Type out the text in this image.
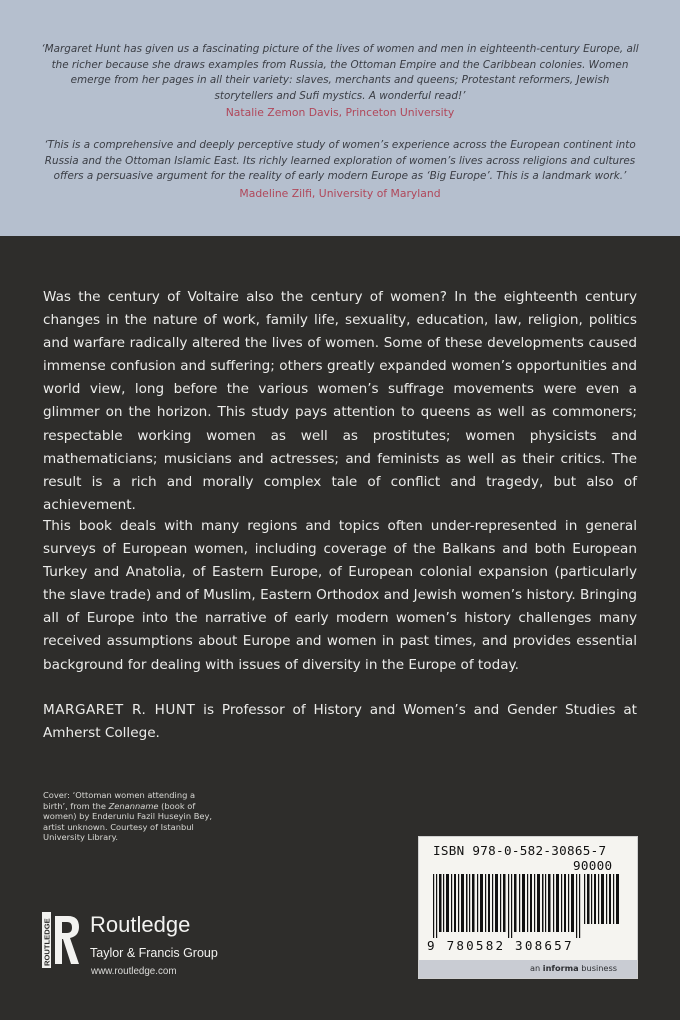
‘Margaret Hunt has given us a fascinating picture of the lives of women and men in eighteenth-century Europe, all the richer because she draws examples from Russia, the Ottoman Empire and the Caribbean colonies. Women emerge from her pages in all their variety: slaves, merchants and queens; Protestant reformers, Jewish storytellers and Sufi mystics. A wonderful read!’
Natalie Zemon Davis, Princeton University
‘This is a comprehensive and deeply perceptive study of women’s experience across the European continent into Russia and the Ottoman Islamic East. Its richly learned exploration of women’s lives across religions and cultures offers a persuasive argument for the reality of early modern Europe as ‘Big Europe’. This is a landmark work.’
Madeline Zilfi, University of Maryland

Was the century of Voltaire also the century of women? In the eighteenth century changes in the nature of work, family life, sexuality, education, law, religion, politics and warfare radically altered the lives of women. Some of these developments caused immense confusion and suffering; others greatly expanded women’s opportunities and world view, long before the various women’s suffrage movements were even a glimmer on the horizon. This study pays attention to queens as well as commoners; respectable working women as well as prostitutes; women physicists and mathematicians; musicians and actresses; and feminists as well as their critics. The result is a rich and morally complex tale of conflict and tragedy, but also of achievement.

This book deals with many regions and topics often under-represented in general surveys of European women, including coverage of the Balkans and both European Turkey and Anatolia, of Eastern Europe, of European colonial expansion (particularly the slave trade) and of Muslim, Eastern Orthodox and Jewish women’s history. Bringing all of Europe into the narrative of early modern women’s history challenges many received assumptions about Europe and women in past times, and provides essential background for dealing with issues of diversity in the Europe of today.

MARGARET R. HUNT is Professor of History and Women’s and Gender Studies at Amherst College.

Cover: ‘Ottoman women attending a birth’, from the Zenanname (book of women) by Enderunlu Fazil Huseyin Bey, artist unknown. Courtesy of Istanbul University Library.
ISBN 978-0-582-30865-7
90000
9 780582 308657
an informa business
ROUTLEDGE Routledge
Taylor & Francis Group
www.routledge.com
